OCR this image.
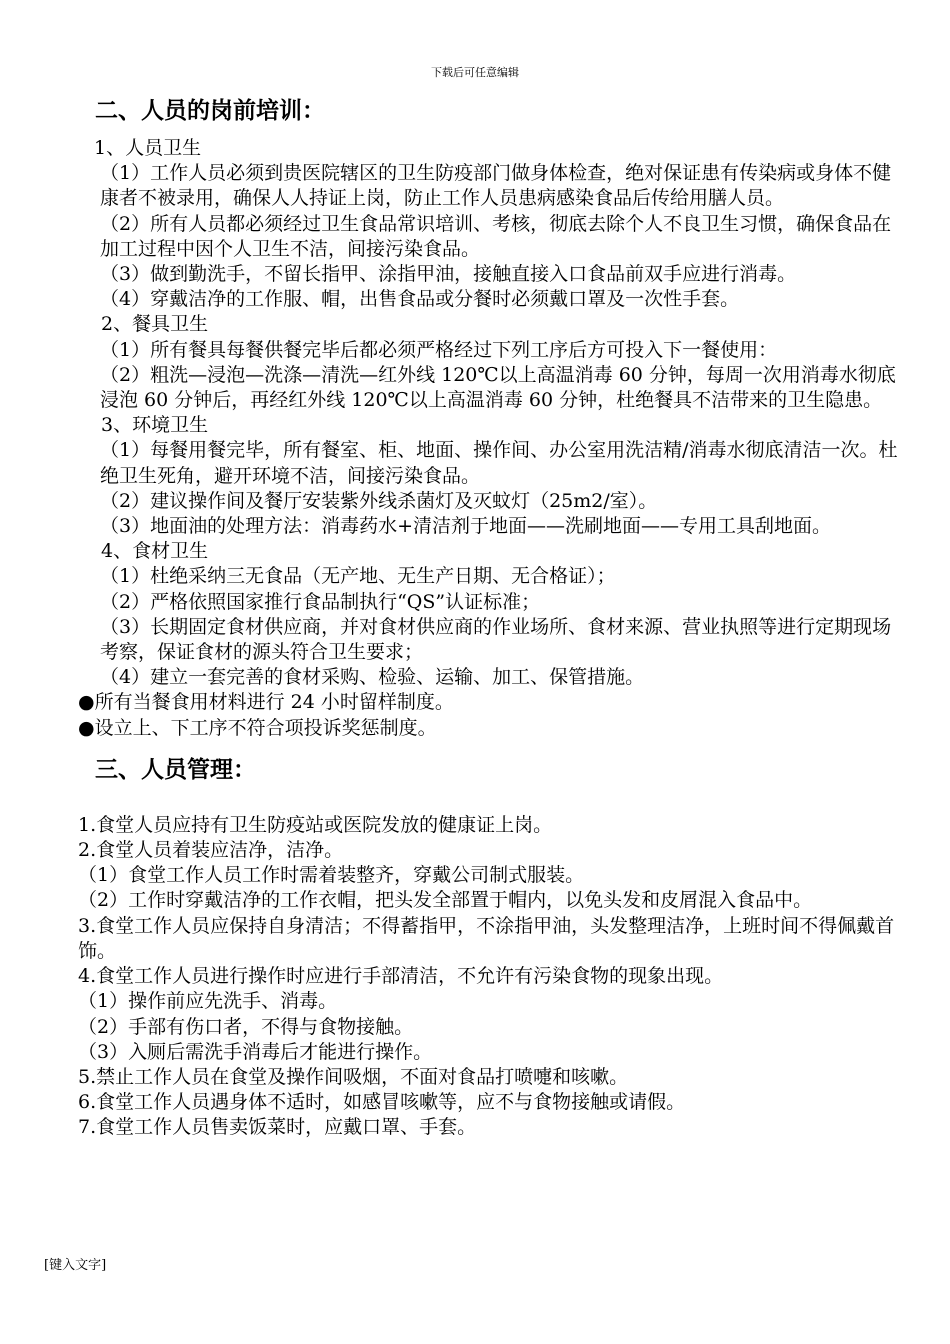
下载后可任意编辑
二、人员的岗前培训：

1、人员卫生

（1）工作人员必须到贵医院辖区的卫生防疫部门做身体检查，绝对保证患有传染病或身体不健康者不被录用，确保人人持证上岗，防止工作人员患病感染食品后传给用膳人员。

（2）所有人员都必须经过卫生食品常识培训、考核，彻底去除个人不良卫生习惯，确保食品在加工过程中因个人卫生不洁，间接污染食品。

（3）做到勤洗手，不留长指甲、涂指甲油，接触直接入口食品前双手应进行消毒。

（4）穿戴洁净的工作服、帽，出售食品或分餐时必须戴口罩及一次性手套。

2、餐具卫生

（1）所有餐具每餐供餐完毕后都必须严格经过下列工序后方可投入下一餐使用：

（2）粗洗—浸泡—洗涤—清洗—红外线 120℃以上高温消毒 60 分钟，每周一次用消毒水彻底浸泡 60 分钟后，再经红外线 120℃以上高温消毒 60 分钟，杜绝餐具不洁带来的卫生隐患。

3、环境卫生

（1）每餐用餐完毕，所有餐室、柜、地面、操作间、办公室用洗洁精/消毒水彻底清洁一次。杜绝卫生死角，避开环境不洁，间接污染食品。

（2）建议操作间及餐厅安装紫外线杀菌灯及灭蚊灯（25m2/室）。

（3）地面油的处理方法：消毒药水+清洁剂于地面——洗刷地面——专用工具刮地面。

4、食材卫生

（1）杜绝采纳三无食品（无产地、无生产日期、无合格证）；

（2）严格依照国家推行食品制执行“QS”认证标准；

（3）长期固定食材供应商，并对食材供应商的作业场所、食材来源、营业执照等进行定期现场考察，保证食材的源头符合卫生要求；

（4）建立一套完善的食材采购、检验、运输、加工、保管措施。

●所有当餐食用材料进行 24 小时留样制度。

●设立上、下工序不符合项投诉奖惩制度。

三、人员管理：

1.食堂人员应持有卫生防疫站或医院发放的健康证上岗。

2.食堂人员着装应洁净，洁净。

（1）食堂工作人员工作时需着装整齐，穿戴公司制式服装。

（2）工作时穿戴洁净的工作衣帽，把头发全部置于帽内，以免头发和皮屑混入食品中。

3.食堂工作人员应保持自身清洁；不得蓄指甲，不涂指甲油，头发整理洁净，上班时间不得佩戴首饰。

4.食堂工作人员进行操作时应进行手部清洁，不允许有污染食物的现象出现。

（1）操作前应先洗手、消毒。

（2）手部有伤口者，不得与食物接触。

（3）入厕后需洗手消毒后才能进行操作。

5.禁止工作人员在食堂及操作间吸烟，不面对食品打喷嚏和咳嗽。

6.食堂工作人员遇身体不适时，如感冒咳嗽等，应不与食物接触或请假。

7.食堂工作人员售卖饭菜时，应戴口罩、手套。

[键入文字]
